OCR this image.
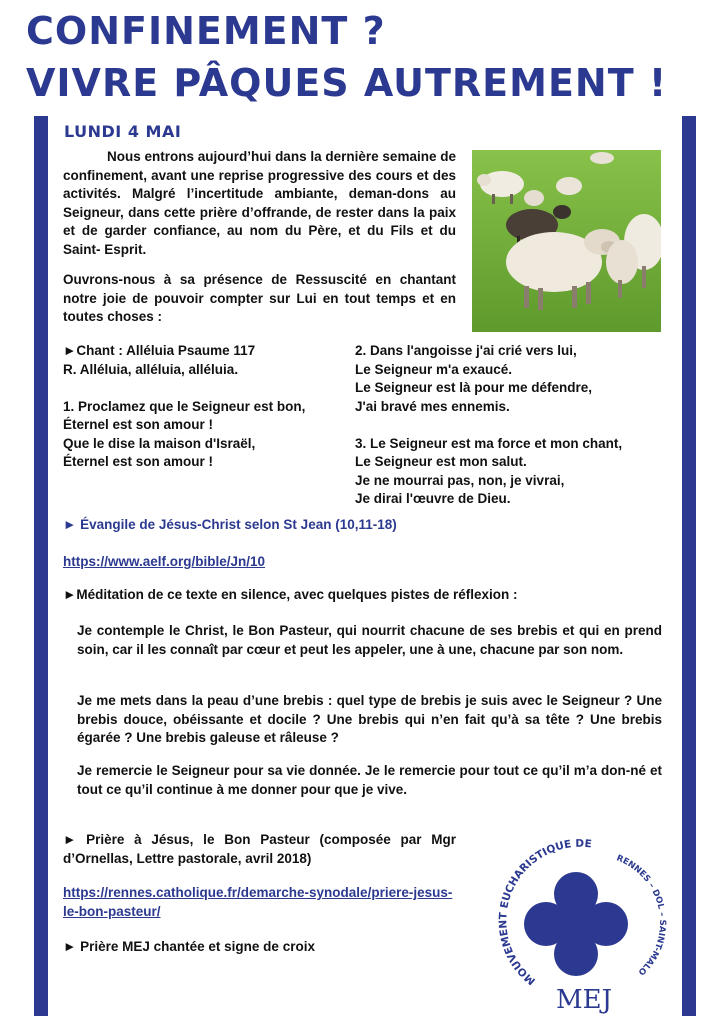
CONFINEMENT ?
VIVRE PÂQUES AUTREMENT !
LUNDI 4 MAI

Nous entrons aujourd’hui dans la dernière semaine de confinement, avant une reprise progressive des cours et des activités. Malgré l’incertitude ambiante, deman-dons au Seigneur, dans cette prière d’offrande, de rester dans la paix et de garder confiance, au nom du Père, et du Fils et du Saint- Esprit.

Ouvrons-nous à sa présence de Ressuscité en chantant notre joie de pouvoir compter sur Lui en tout temps et en toutes choses :

►Chant : Alléluia Psaume 117

R. Alléluia, alléluia, alléluia.

1. Proclamez que le Seigneur est bon,

Éternel est son amour !

Que le dise la maison d'Israël,

Éternel est son amour !

2. Dans l'angoisse j'ai crié vers lui,

Le Seigneur m'a exaucé.

Le Seigneur est là pour me défendre,

J'ai bravé mes ennemis.

3. Le Seigneur est ma force et mon chant,

Le Seigneur est mon salut.

Je ne mourrai pas, non, je vivrai,

Je dirai l'œuvre de Dieu.

► Évangile de Jésus-Christ selon St Jean (10,11-18)

https://www.aelf.org/bible/Jn/10

►Méditation de ce texte en silence, avec quelques pistes de réflexion :

Je contemple le Christ, le Bon Pasteur, qui nourrit chacune de ses brebis et qui en prend soin, car il les connaît par cœur et peut les appeler, une à une, chacune par son nom.

Je me mets dans la peau d’une brebis : quel type de brebis je suis avec le Seigneur ? Une brebis douce, obéissante et docile ? Une brebis qui n’en fait qu’à sa tête ? Une brebis égarée ? Une brebis galeuse et râleuse ?

Je remercie le Seigneur pour sa vie donnée. Je le remercie pour tout ce qu’il m’a don-né et tout ce qu’il continue à me donner pour que je vive.

► Prière à Jésus, le Bon Pasteur (composée par Mgr d’Ornellas, Lettre pastorale, avril 2018)

https://rennes.catholique.fr/demarche-synodale/priere-jesus-le-bon-pasteur/

► Prière MEJ chantée et signe de croix

MOUVEMENT EUCHARISTIQUE DE
RENNES – DOL – SAINT-MALO
MEJ
